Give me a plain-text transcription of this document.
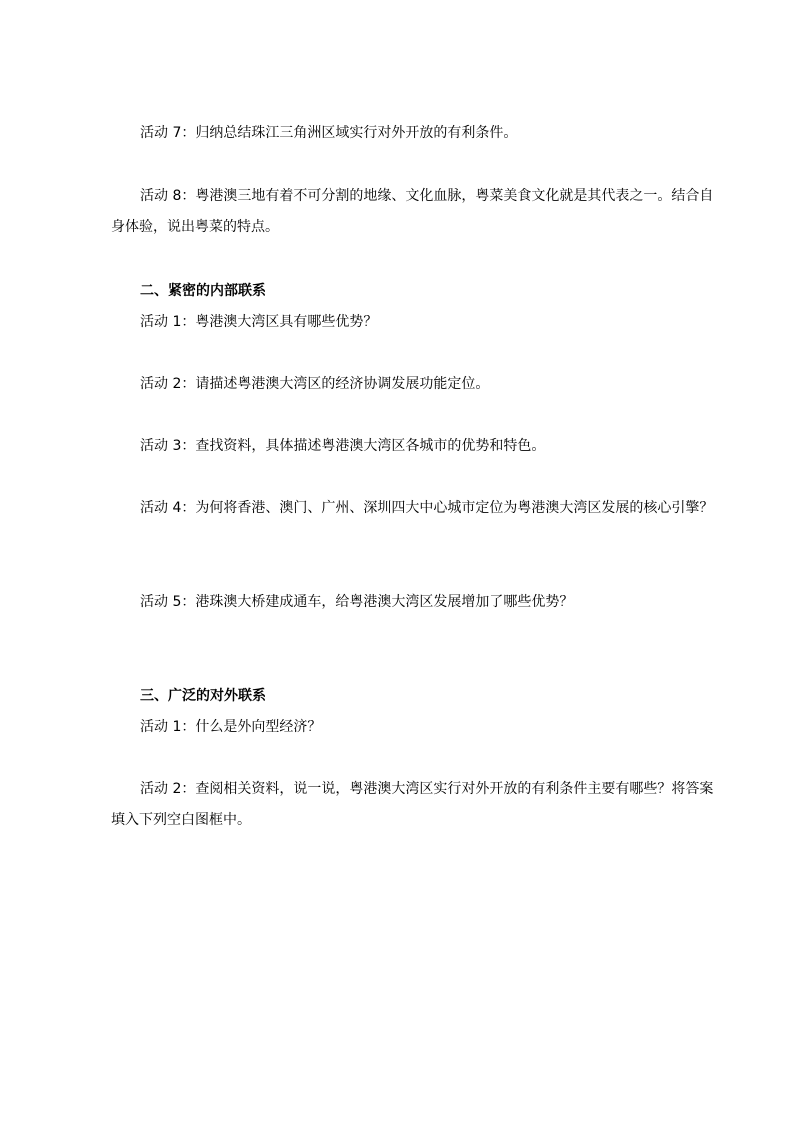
活动 7：归纳总结珠江三角洲区域实行对外开放的有利条件。

活动 8：粤港澳三地有着不可分割的地缘、文化血脉，粤菜美食文化就是其代表之一。结合自身体验，说出粤菜的特点。

二、紧密的内部联系

活动 1：粤港澳大湾区具有哪些优势？

活动 2：请描述粤港澳大湾区的经济协调发展功能定位。

活动 3：查找资料，具体描述粤港澳大湾区各城市的优势和特色。

活动 4：为何将香港、澳门、广州、深圳四大中心城市定位为粤港澳大湾区发展的核心引擎？

活动 5：港珠澳大桥建成通车，给粤港澳大湾区发展增加了哪些优势？

三、广泛的对外联系

活动 1：什么是外向型经济？

活动 2：查阅相关资料，说一说，粤港澳大湾区实行对外开放的有利条件主要有哪些？将答案填入下列空白图框中。
